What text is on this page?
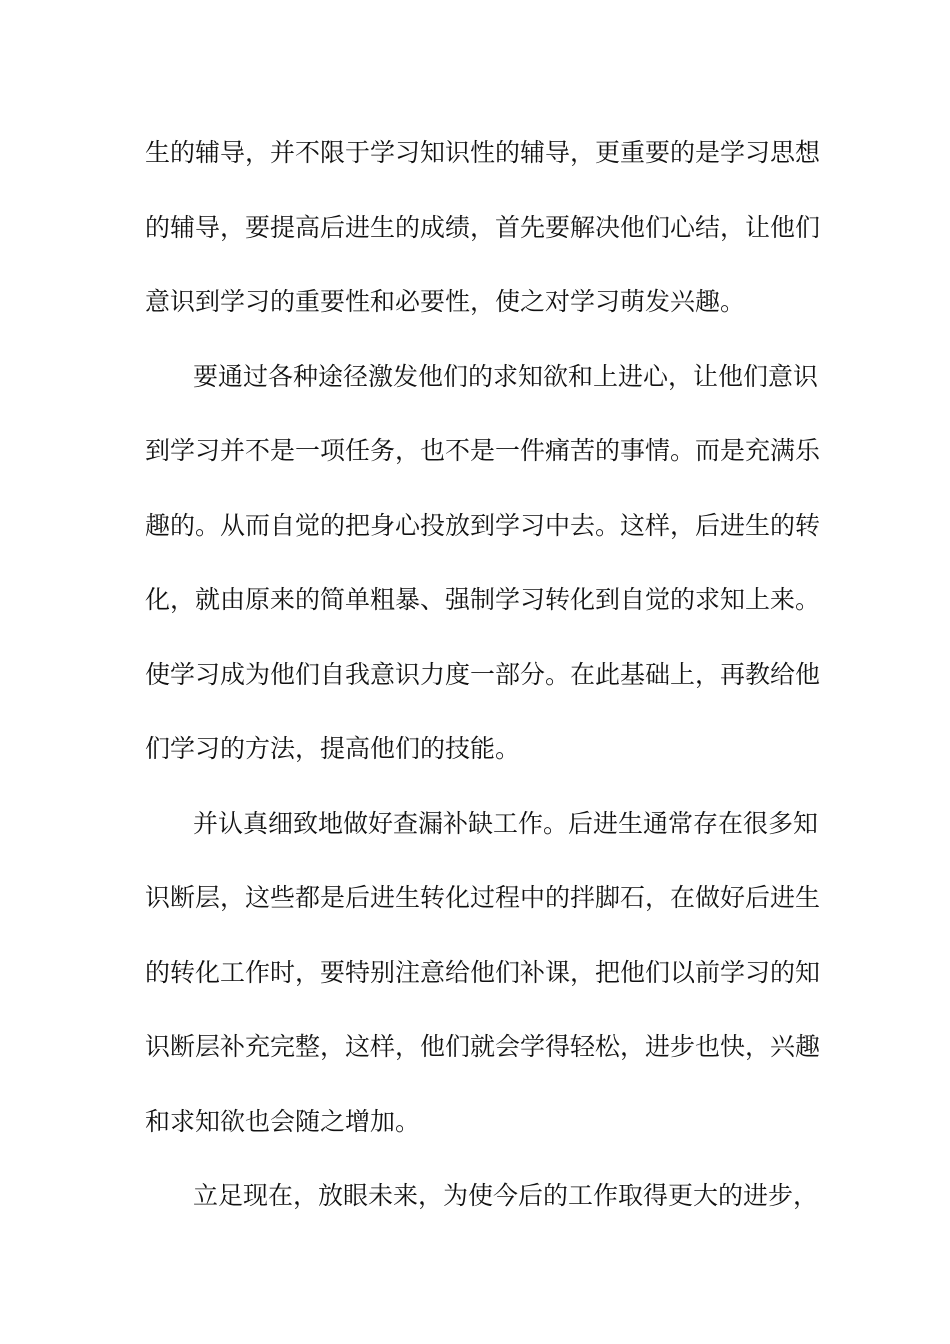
生的辅导，并不限于学习知识性的辅导，更重要的是学习思想
的辅导，要提高后进生的成绩，首先要解决他们心结，让他们
意识到学习的重要性和必要性，使之对学习萌发兴趣。
要通过各种途径激发他们的求知欲和上进心，让他们意识
到学习并不是一项任务，也不是一件痛苦的事情。而是充满乐
趣的。从而自觉的把身心投放到学习中去。这样，后进生的转
化，就由原来的简单粗暴、强制学习转化到自觉的求知上来。
使学习成为他们自我意识力度一部分。在此基础上，再教给他
们学习的方法，提高他们的技能。
并认真细致地做好查漏补缺工作。后进生通常存在很多知
识断层，这些都是后进生转化过程中的拌脚石，在做好后进生
的转化工作时，要特别注意给他们补课，把他们以前学习的知
识断层补充完整，这样，他们就会学得轻松，进步也快，兴趣
和求知欲也会随之增加。
立足现在，放眼未来，为使今后的工作取得更大的进步，
